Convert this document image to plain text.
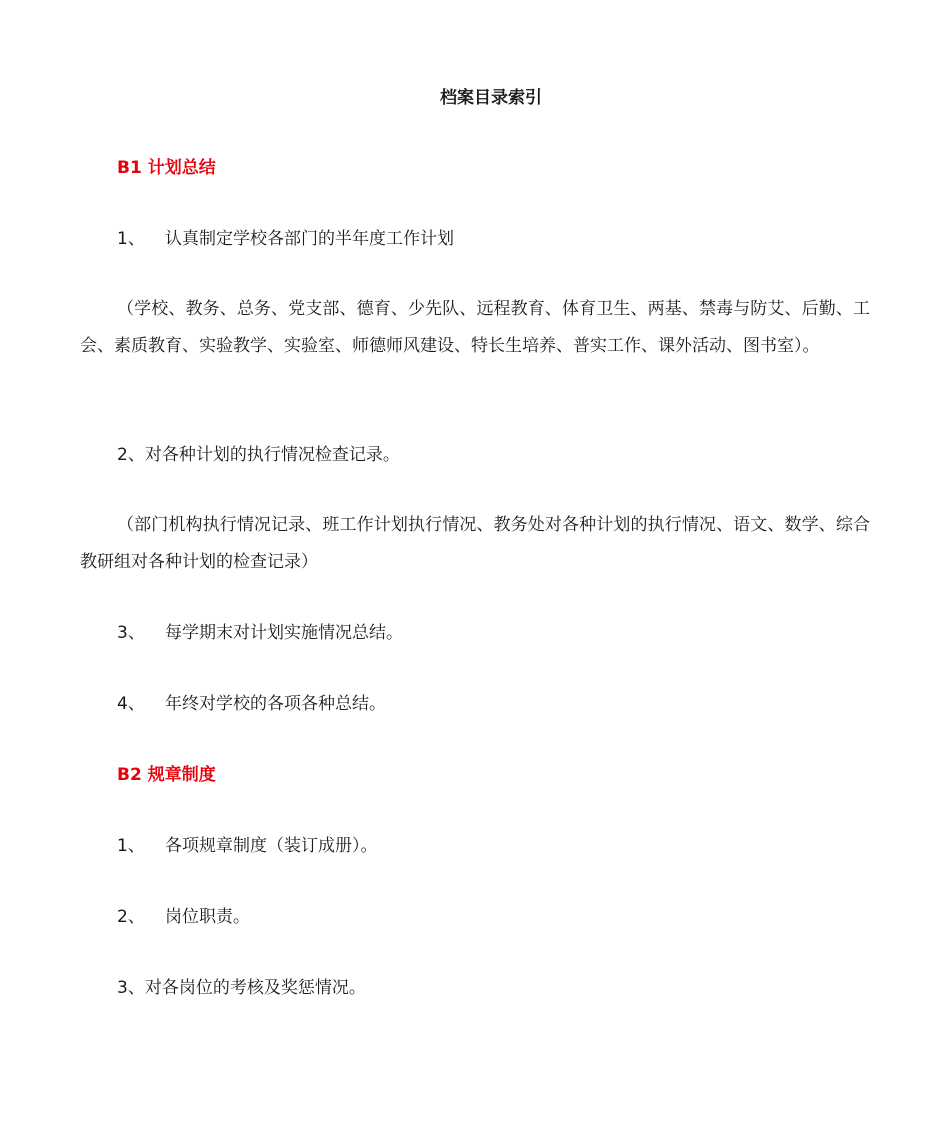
档案目录索引
B1 计划总结
1、 认真制定学校各部门的半年度工作计划
（学校、教务、总务、党支部、德育、少先队、远程教育、体育卫生、两基、禁毒与防艾、后勤、工会、素质教育、实验教学、实验室、师德师风建设、特长生培养、普实工作、课外活动、图书室）。
2、对各种计划的执行情况检查记录。
（部门机构执行情况记录、班工作计划执行情况、教务处对各种计划的执行情况、语文、数学、综合教研组对各种计划的检查记录）
3、 每学期末对计划实施情况总结。
4、 年终对学校的各项各种总结。
B2 规章制度
1、 各项规章制度（装订成册）。
2、 岗位职责。
3、对各岗位的考核及奖惩情况。
